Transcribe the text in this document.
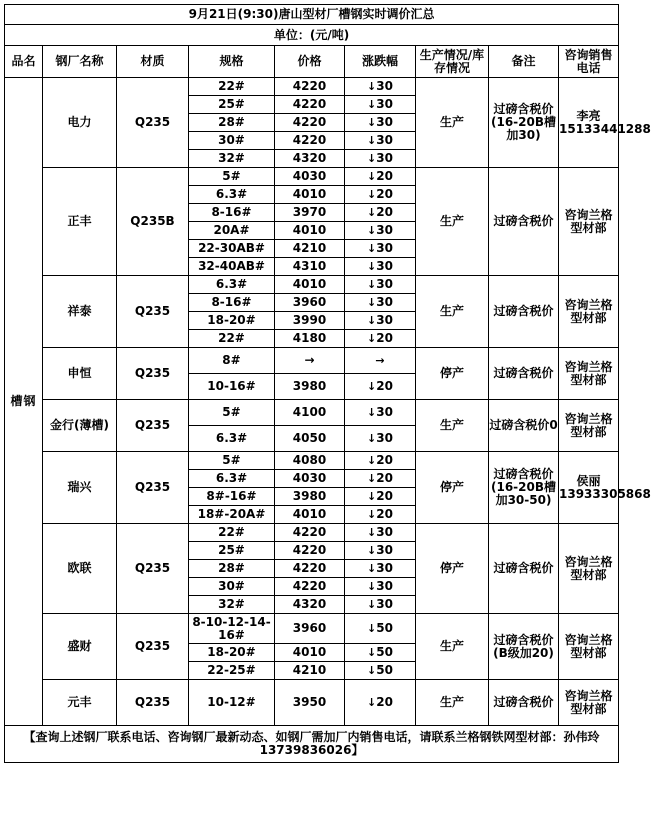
9月21日(9:30)唐山型材厂槽钢实时调价汇总								
单位：(元/吨)								
品名	钢厂名称	材质	规格	价格	涨跌幅	生产情况/库存情况	备注	咨询销售电话
槽钢	电力	Q235	22#	4220	↓30	生产	过磅含税价(16-20B槽加30)	李亮 15133441288
			25#	4220	↓30			
			28#	4220	↓30			
			30#	4220	↓30			
			32#	4320	↓30			
	正丰	Q235B	5#	4030	↓20	生产	过磅含税价	咨询兰格型材部
			6.3#	4010	↓20			
			8-16#	3970	↓20			
			20A#	4010	↓30			
			22-30AB#	4210	↓30			
			32-40AB#	4310	↓30			
	祥泰	Q235	6.3#	4010	↓30	生产	过磅含税价	咨询兰格型材部
			8-16#	3960	↓30			
			18-20#	3990	↓30			
			22#	4180	↓20			
	申恒	Q235	8#	→	→	停产	过磅含税价	咨询兰格型材部
			10-16#	3980	↓20			
	金行(薄槽)	Q235	5#	4100	↓30	生产	过磅含税价0	咨询兰格型材部
			6.3#	4050	↓30			
	瑞兴	Q235	5#	4080	↓20	停产	过磅含税价(16-20B槽加30-50)	侯丽 13933305868
			6.3#	4030	↓20			
			8#-16#	3980	↓20			
			18#-20A#	4010	↓20			
	欧联	Q235	22#	4220	↓30	停产	过磅含税价	咨询兰格型材部
			25#	4220	↓30			
			28#	4220	↓30			
			30#	4220	↓30			
			32#	4320	↓30			
	盛财	Q235	8-10-12-14-16#	3960	↓50	生产	过磅含税价(B级加20)	咨询兰格型材部
			18-20#	4010	↓50			
			22-25#	4210	↓50			
	元丰	Q235	10-12#	3950	↓20	生产	过磅含税价	咨询兰格型材部
【查询上述钢厂联系电话、咨询钢厂最新动态、如钢厂需加厂内销售电话，请联系兰格钢铁网型材部：孙伟玲13739836026】								
